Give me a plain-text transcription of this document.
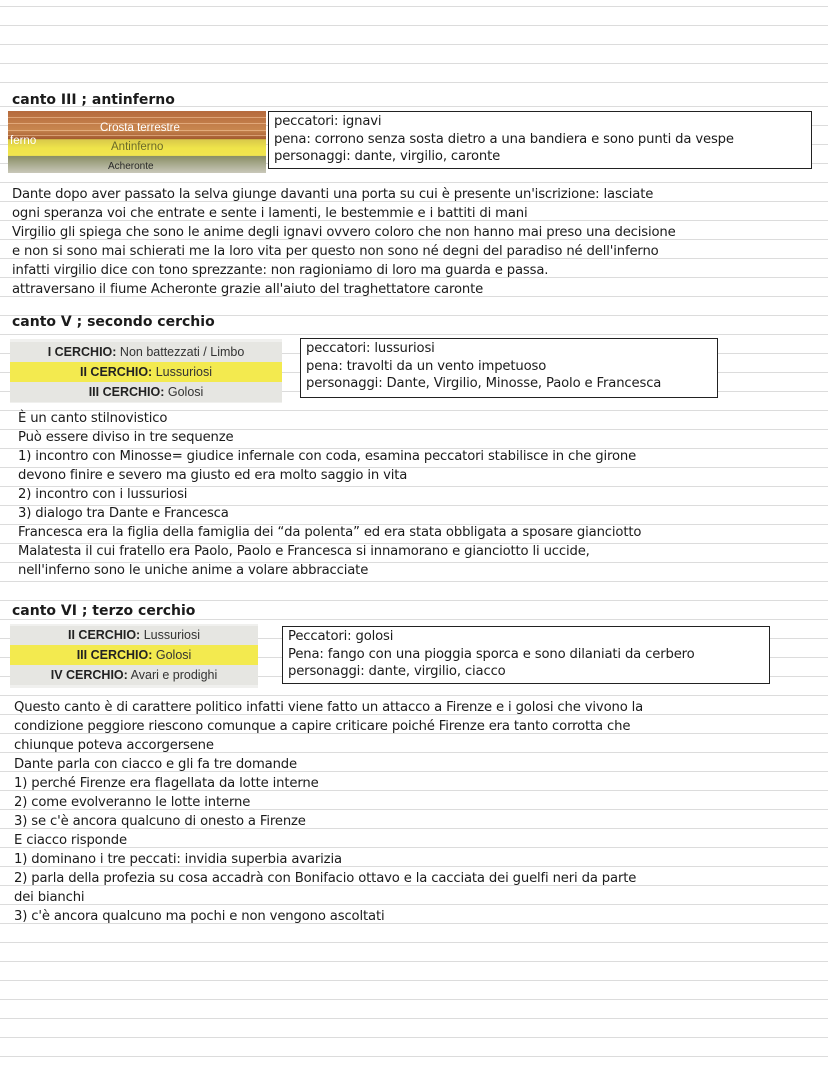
canto III ; antinferno
Crosta terrestre
ferno	Antinferno
Acheronte
peccatori: ignavi
pena: corrono senza sosta dietro a una bandiera e sono punti da vespe
personaggi: dante, virgilio, caronte
Dante dopo aver passato la selva giunge davanti una porta su cui è presente un'iscrizione: lasciate
ogni speranza voi che entrate e sente i lamenti, le bestemmie e i battiti di mani
Virgilio gli spiega che sono le anime degli ignavi ovvero coloro che non hanno mai preso una decisione
e non si sono mai schierati me la loro vita per questo non sono né degni del paradiso né dell'inferno
infatti virgilio dice con tono sprezzante: non ragioniamo di loro ma guarda e passa.
attraversano il fiume Acheronte grazie all'aiuto del traghettatore caronte
canto V ; secondo cerchio
I CERCHIO: Non battezzati / Limbo
II CERCHIO: Lussuriosi
III CERCHIO: Golosi
peccatori: lussuriosi
pena: travolti da un vento impetuoso
personaggi: Dante, Virgilio, Minosse, Paolo e Francesca
È un canto stilnovistico
Può essere diviso in tre sequenze
1) incontro con Minosse= giudice infernale con coda, esamina peccatori stabilisce in che girone
devono finire e severo ma giusto ed era molto saggio in vita
2) incontro con i lussuriosi
3) dialogo tra Dante e Francesca
Francesca era la figlia della famiglia dei “da polenta” ed era stata obbligata a sposare gianciotto
Malatesta il cui fratello era Paolo, Paolo e Francesca si innamorano e gianciotto li uccide,
nell'inferno sono le uniche anime a volare abbracciate
canto VI ; terzo cerchio
II CERCHIO: Lussuriosi
III CERCHIO: Golosi
IV CERCHIO: Avari e prodighi
Peccatori: golosi
Pena: fango con una pioggia sporca e sono dilaniati da cerbero
personaggi: dante, virgilio, ciacco
Questo canto è di carattere politico infatti viene fatto un attacco a Firenze e i golosi che vivono la
condizione peggiore riescono comunque a capire criticare poiché Firenze era tanto corrotta che
chiunque poteva accorgersene
Dante parla con ciacco e gli fa tre domande
1) perché Firenze era flagellata da lotte interne
2) come evolveranno le lotte interne
3) se c'è ancora qualcuno di onesto a Firenze
E ciacco risponde
1) dominano i tre peccati: invidia superbia avarizia
2) parla della profezia su cosa accadrà con Bonifacio ottavo e la cacciata dei guelfi neri da parte
dei bianchi
3) c'è ancora qualcuno ma pochi e non vengono ascoltati
